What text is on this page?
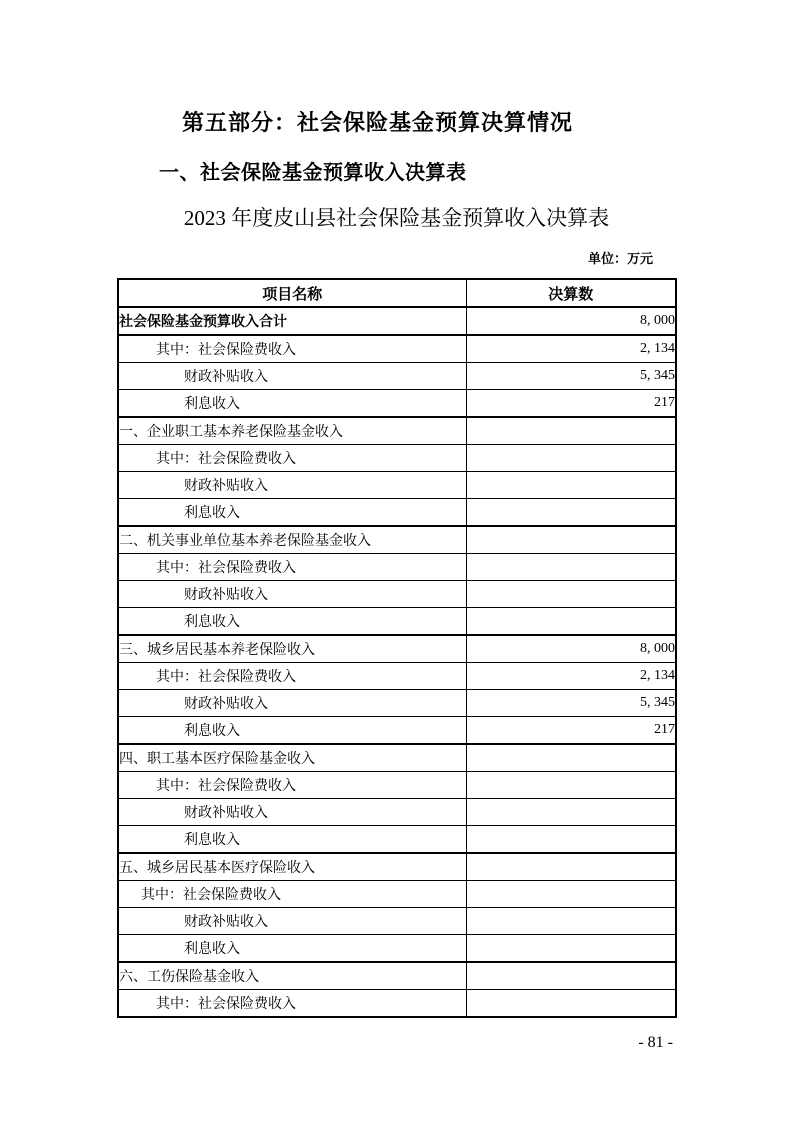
第五部分：社会保险基金预算决算情况
一、社会保险基金预算收入决算表
2023 年度皮山县社会保险基金预算收入决算表
单位：万元
项目名称	决算数
社会保险基金预算收入合计	8, 000
其中：社会保险费收入	2, 134
财政补贴收入	5, 345
利息收入	217
一、企业职工基本养老保险基金收入	
其中：社会保险费收入	
财政补贴收入	
利息收入	
二、机关事业单位基本养老保险基金收入	
其中：社会保险费收入	
财政补贴收入	
利息收入	
三、城乡居民基本养老保险收入	8, 000
其中：社会保险费收入	2, 134
财政补贴收入	5, 345
利息收入	217
四、职工基本医疗保险基金收入	
其中：社会保险费收入	
财政补贴收入	
利息收入	
五、城乡居民基本医疗保险收入	
其中：社会保险费收入	
财政补贴收入	
利息收入	
六、工伤保险基金收入	
其中：社会保险费收入	
- 81 -
